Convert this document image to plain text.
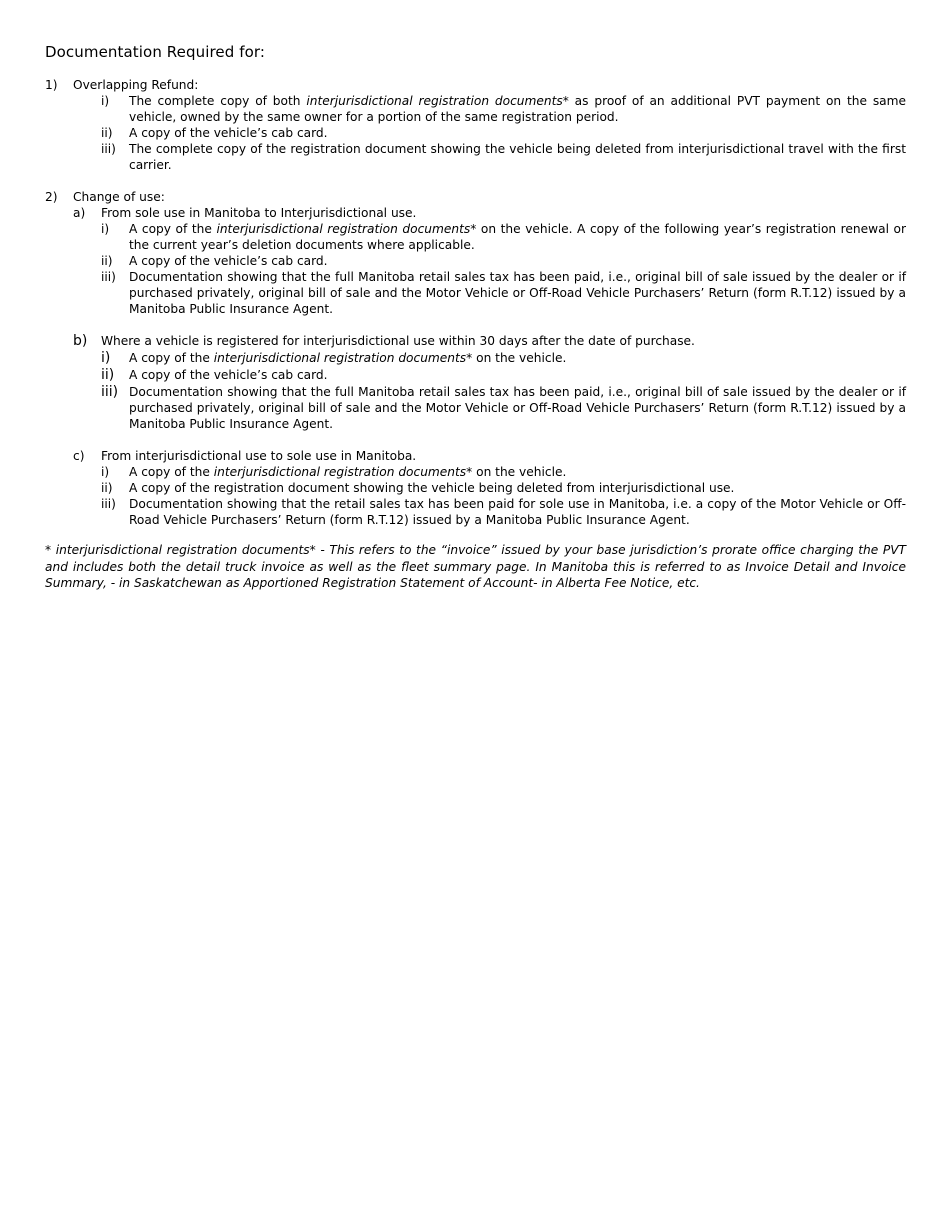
Documentation Required for:
1)	Overlapping Refund:
i)	The complete copy of both interjurisdictional registration documents* as proof of an additional PVT payment on the same vehicle, owned by the same owner for a portion of the same registration period.
ii)	A copy of the vehicle’s cab card.
iii)	The complete copy of the registration document showing the vehicle being deleted from interjurisdictional travel with the first carrier.
2)	Change of use:
a)	From sole use in Manitoba to Interjurisdictional use.
i)	A copy of the interjurisdictional registration documents* on the vehicle. A copy of the following year’s registration renewal or the current year’s deletion documents where applicable.
ii)	A copy of the vehicle’s cab card.
iii)	Documentation showing that the full Manitoba retail sales tax has been paid, i.e., original bill of sale issued by the dealer or if purchased privately, original bill of sale and the Motor Vehicle or Off-Road Vehicle Purchasers’ Return (form R.T.12) issued by a Manitoba Public Insurance Agent.
b)	Where a vehicle is registered for interjurisdictional use within 30 days after the date of purchase.
i)	A copy of the interjurisdictional registration documents* on the vehicle.
ii)	A copy of the vehicle’s cab card.
iii) Documentation showing that the full Manitoba retail sales tax has been paid, i.e., original bill of sale issued by the dealer or if purchased privately, original bill of sale and the Motor Vehicle or Off-Road Vehicle Purchasers’ Return (form R.T.12) issued by a Manitoba Public Insurance Agent.
c)	From interjurisdictional use to sole use in Manitoba.
i)	A copy of the interjurisdictional registration documents* on the vehicle.
ii)	A copy of the registration document showing the vehicle being deleted from interjurisdictional use.
iii)	Documentation showing that the retail sales tax has been paid for sole use in Manitoba, i.e. a copy of the Motor Vehicle or Off-Road Vehicle Purchasers’ Return (form R.T.12) issued by a Manitoba Public Insurance Agent.
* interjurisdictional registration documents* - This refers to the “invoice” issued by your base jurisdiction’s prorate office charging the PVT and includes both the detail truck invoice as well as the fleet summary page. In Manitoba this is referred to as Invoice Detail and Invoice Summary, - in Saskatchewan as Apportioned Registration Statement of Account- in Alberta Fee Notice, etc.
